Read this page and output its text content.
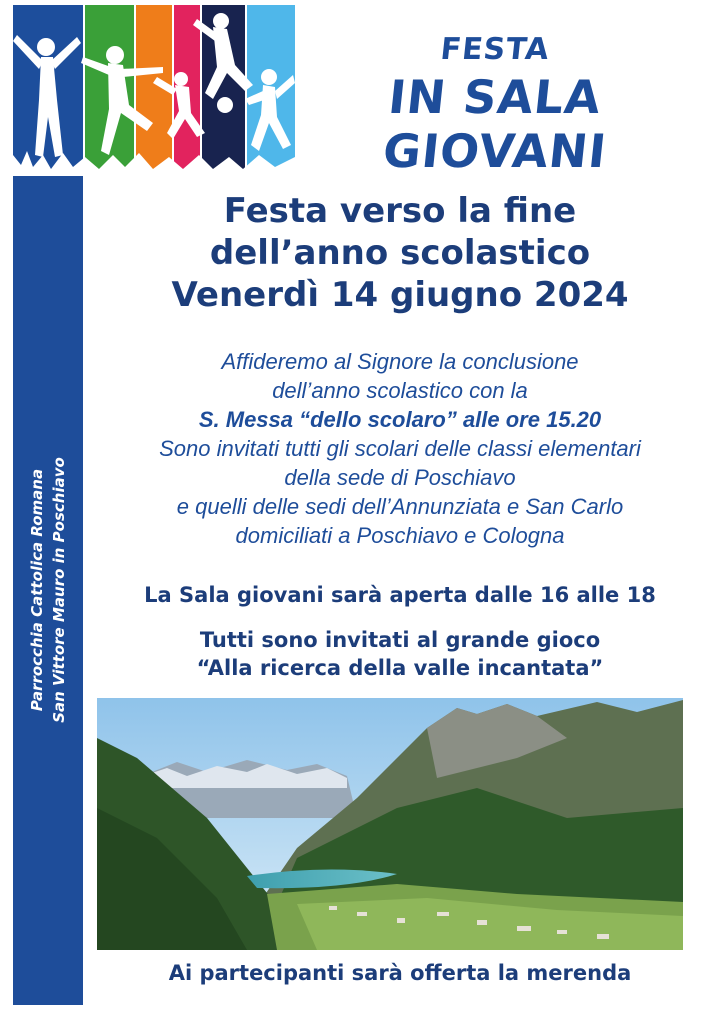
Parrocchia Cattolica Romana San Vittore Mauro in Poschiavo
FESTA
IN SALA
GIOVANI
Festa verso la fine
dell’anno scolastico
Venerdì 14 giugno 2024
Affideremo al Signore la conclusione
dell’anno scolastico con la
S. Messa “dello scolaro” alle ore 15.20
Sono invitati tutti gli scolari delle classi elementari
della sede di Poschiavo
e quelli delle sedi dell’Annunziata e San Carlo
domiciliati a Poschiavo e Cologna
La Sala giovani sarà aperta dalle 16 alle 18
Tutti sono invitati al grande gioco
“Alla ricerca della valle incantata”
Ai partecipanti sarà offerta la merenda
